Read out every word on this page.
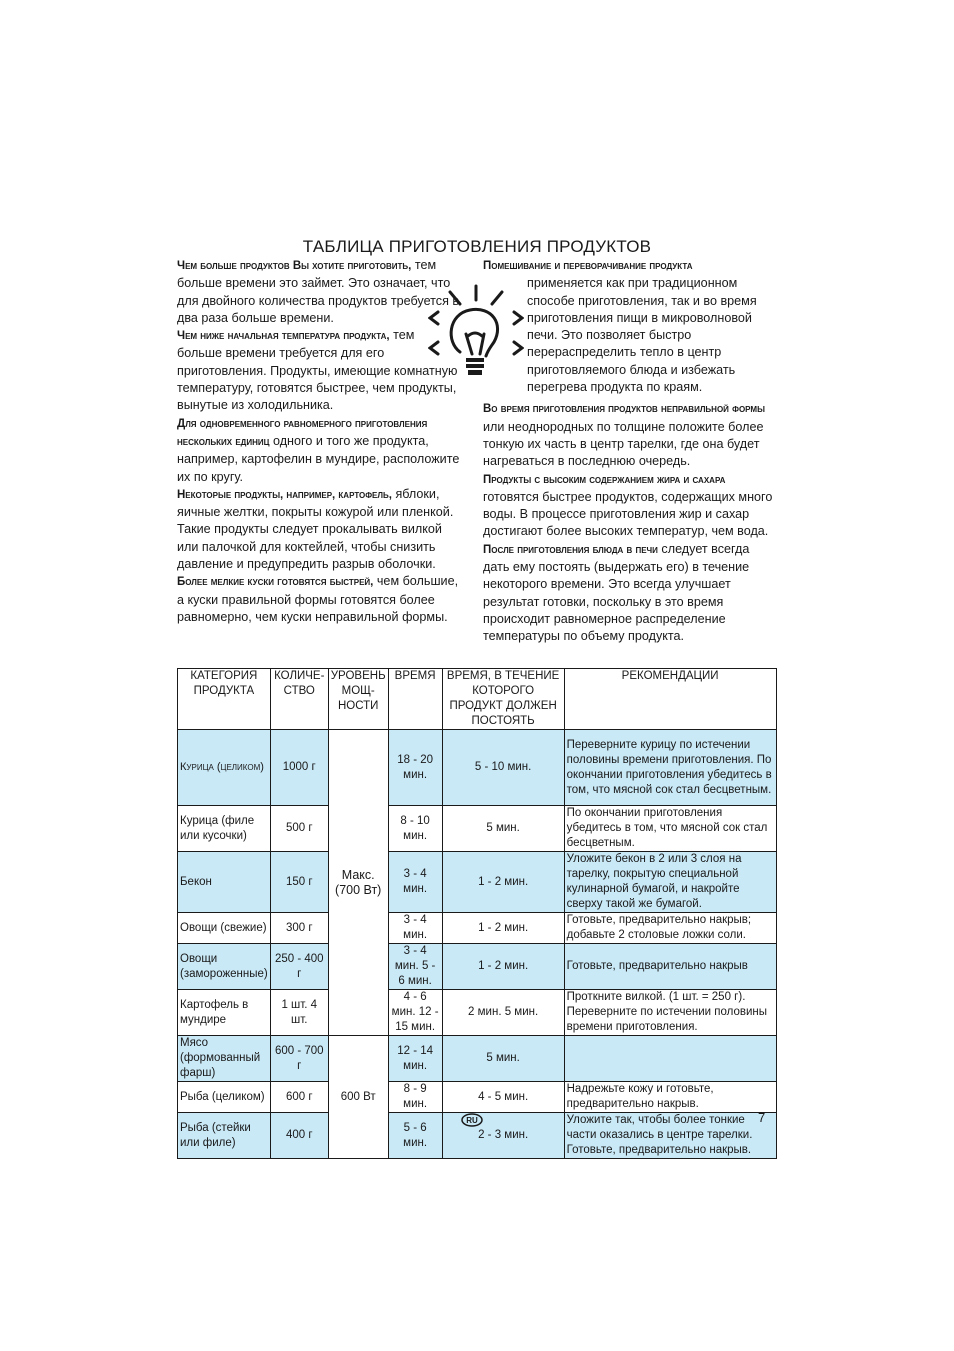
ТАБЛИЦА ПРИГОТОВЛЕНИЯ ПРОДУКТОВ

Чем больше продуктов Вы хотите приготовить, тем больше времени это займет. Это означает, что для двойного количества продуктов требуется в два раза больше времени.

Чем ниже начальная температура продукта, тем больше времени требуется для его приготовления. Продукты, имеющие комнатную температуру, готовятся быстрее, чем продукты, вынутые из холодильника.

Для одновременного равномерного приготовления нескольких единиц одного и того же продукта, например, картофелин в мундире, расположите их по кругу.

Некоторые продукты, например, картофель, яблоки, яичные желтки, покрыты кожурой или пленкой. Такие продукты следует прокалывать вилкой или палочкой для коктейлей, чтобы снизить давление и предупредить разрыв оболочки.

Более мелкие куски готовятся быстрей, чем большие, а куски правильной формы готовятся более равномерно, чем куски неправильной формы.

Помешивание и переворачивание продукта

применяется как при традиционном способе приготовления, так и во время приготовления пищи в микроволновой печи. Это позволяет быстро перераспределить тепло в центр приготовляемого блюда и избежать перегрева продукта по краям.

Во время приготовления продуктов неправильной формы или неоднородных по толщине положите более тонкую их часть в центр тарелки, где она будет нагреваться в последнюю очередь.

Продукты с высоким содержанием жира и сахара готовятся быстрее продуктов, содержащих много воды. В процессе приготовления жир и сахар достигают более высоких температур, чем вода.

После приготовления блюда в печи следует всегда дать ему постоять (выдержать его) в течение некоторого времени. Это всегда улучшает результат готовки, поскольку в это время происходит равномерное распределение температуры по объему продукта.

КАТЕГОРИЯ ПРОДУКТА	КОЛИЧЕ-СТВО	УРОВЕНЬ МОЩ-НОСТИ	ВРЕМЯ	ВРЕМЯ, В ТЕЧЕНИЕ КОТОРОГО ПРОДУКТ ДОЛЖЕН ПОСТОЯТЬ	РЕКОМЕНДАЦИИ
Курица (целиком)	1000 г	Макс. (700 Вт)	18 - 20 мин.	5 - 10 мин.	Переверните курицу по истечении половины времени приготовления. По окончании приготовления убедитесь в том, что мясной сок стал бесцветным.
Курица (филе или кусочки)	500 г		8 - 10 мин.	5 мин.	По окончании приготовления убедитесь в том, что мясной сок стал бесцветным.
Бекон	150 г		3 - 4 мин.	1 - 2 мин.	Уложите бекон в 2 или 3 слоя на тарелку, покрытую специальной кулинарной бумагой, и накройте сверху такой же бумагой.
Овощи (свежие)	300 г		3 - 4 мин.	1 - 2 мин.	Готовьте, предварительно накрыв; добавьте 2 столовые ложки соли.
Овощи (замороженные)	250 - 400 г		3 - 4 мин. 5 - 6 мин.	1 - 2 мин.	Готовьте, предварительно накрыв
Картофель в мундире	1 шт. 4 шт.		4 - 6 мин. 12 - 15 мин.	2 мин. 5 мин.	Проткните вилкой. (1 шт. = 250 г). Переверните по истечении половины времени приготовления.
Мясо (формованный фарш)	600 - 700 г	600 Вт	12 - 14 мин.	5 мин.	
Рыба (целиком)	600 г		8 - 9 мин.	4 - 5 мин.	Надрежьте кожу и готовьте, предварительно накрыв.
Рыба (стейки или филе)	400 г		5 - 6 мин.	2 - 3 мин.	Уложите так, чтобы более тонкие части оказались в центре тарелки. Готовьте, предварительно накрыв.
RU	7
